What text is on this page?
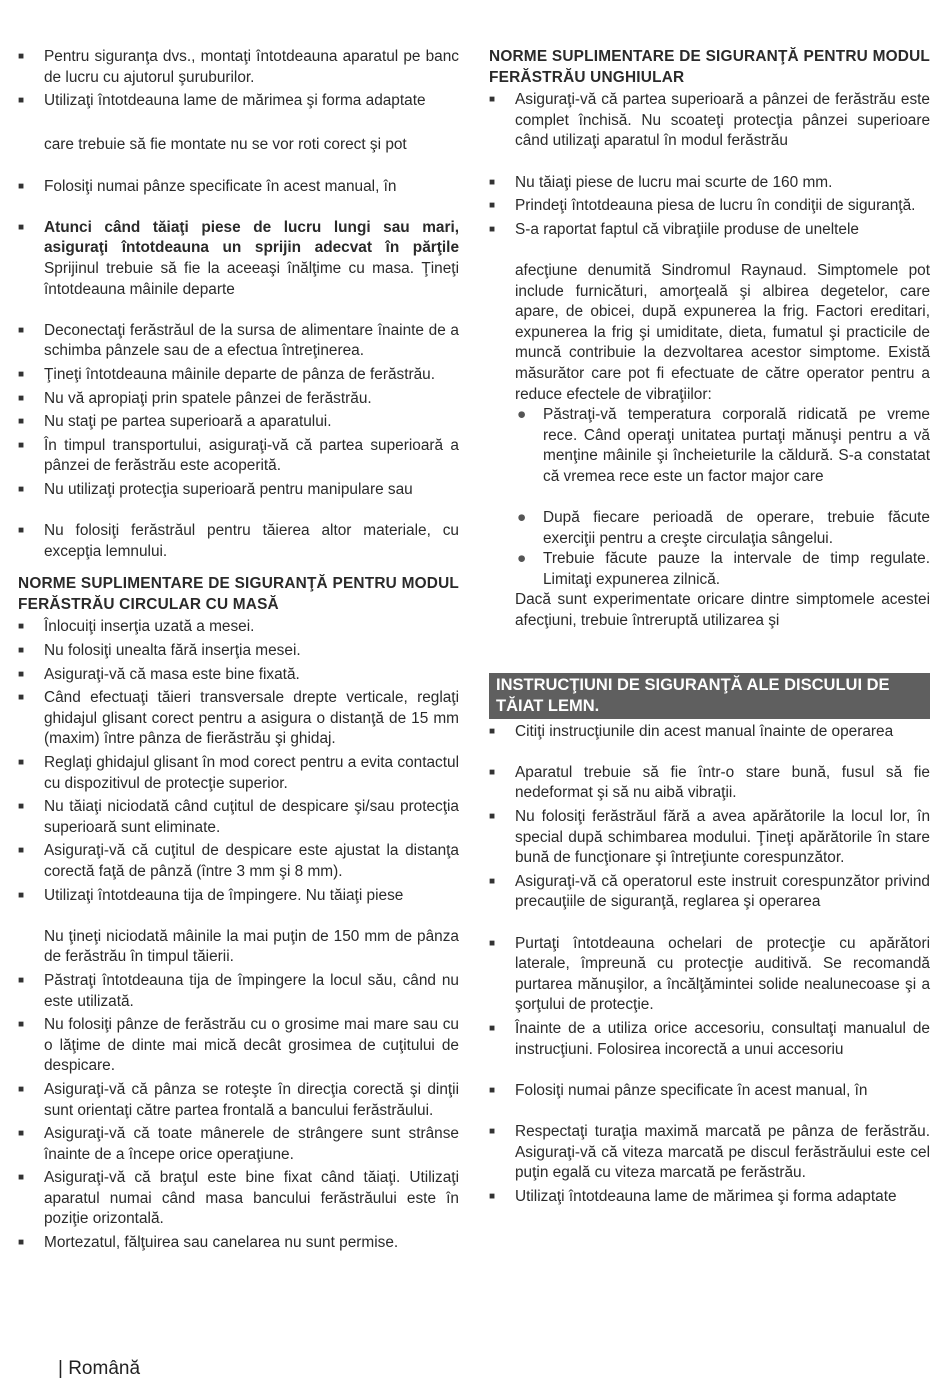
■ Pentru siguranţa dvs., montaţi întotdeauna aparatul pe banc de lucru cu ajutorul şuruburilor.

■ Utilizaţi întotdeauna lame de mărimea şi forma adaptate

care trebuie să fie montate nu se vor roti corect şi pot

■ Folosiţi numai pânze specificate în acest manual, în

■ Atunci când tăiaţi piese de lucru lungi sau mari, asiguraţi întotdeauna un sprijin adecvat în părţile Sprijinul trebuie să fie la aceeaşi înălţime cu masa. Ţineţi întotdeauna mâinile departe

■ Deconectaţi ferăstrăul de la sursa de alimentare înainte de a schimba pânzele sau de a efectua întreţinerea.

■ Ţineţi întotdeauna mâinile departe de pânza de ferăstrău.

■ Nu vă apropiaţi prin spatele pânzei de ferăstrău.

■ Nu staţi pe partea superioară a aparatului.

■ În timpul transportului, asiguraţi-vă că partea superioară a pânzei de ferăstrău este acoperită.

■ Nu utilizaţi protecţia superioară pentru manipulare sau

■ Nu folosiţi ferăstrăul pentru tăierea altor materiale, cu excepţia lemnului.

NORME SUPLIMENTARE DE SIGURANŢĂ PENTRU MODUL FERĂSTRĂU CIRCULAR CU MASĂ

■ Înlocuiţi inserţia uzată a mesei.

■ Nu folosiţi unealta fără inserţia mesei.

■ Asiguraţi-vă că masa este bine fixată.

■ Când efectuaţi tăieri transversale drepte verticale, reglaţi ghidajul glisant corect pentru a asigura o distanţă de 15 mm (maxim) între pânza de fierăstrău şi ghidaj.

■ Reglaţi ghidajul glisant în mod corect pentru a evita contactul cu dispozitivul de protecţie superior.

■ Nu tăiaţi niciodată când cuţitul de despicare şi/sau protecţia superioară sunt eliminate.

■ Asiguraţi-vă că cuţitul de despicare este ajustat la distanţa corectă faţă de pânză (între 3 mm şi 8 mm).

■ Utilizaţi întotdeauna tija de împingere. Nu tăiaţi piese

Nu ţineţi niciodată mâinile la mai puţin de 150 mm de pânza de ferăstrău în timpul tăierii.

■ Păstraţi întotdeauna tija de împingere la locul său, când nu este utilizată.

■ Nu folosiţi pânze de ferăstrău cu o grosime mai mare sau cu o lăţime de dinte mai mică decât grosimea de cuţitului de despicare.

■ Asiguraţi-vă că pânza se roteşte în direcţia corectă şi dinţii sunt orientaţi către partea frontală a bancului ferăstrăului.

■ Asiguraţi-vă că toate mânerele de strângere sunt strânse înainte de a începe orice operaţiune.

■ Asiguraţi-vă că braţul este bine fixat când tăiaţi. Utilizaţi aparatul numai când masa bancului ferăstrăului este în poziţie orizontală.

■ Mortezatul, fălţuirea sau canelarea nu sunt permise.

NORME SUPLIMENTARE DE SIGURANŢĂ PENTRU MODUL FERĂSTRĂU UNGHIULAR

■ Asiguraţi-vă că partea superioară a pânzei de ferăstrău este complet închisă. Nu scoateţi protecţia pânzei superioare când utilizaţi aparatul în modul ferăstrău

■ Nu tăiaţi piese de lucru mai scurte de 160 mm.

■ Prindeţi întotdeauna piesa de lucru în condiţii de siguranţă.

■ S-a raportat faptul că vibraţiile produse de uneltele

afecţiune denumită Sindromul Raynaud. Simptomele pot include furnicături, amorţeală şi albirea degetelor, care apare, de obicei, după expunerea la frig. Factori ereditari, expunerea la frig şi umiditate, dieta, fumatul şi practicile de muncă contribuie la dezvoltarea acestor simptome. Există măsurător care pot fi efectuate de către operator pentru a reduce efectele de vibraţiilor:

● Păstraţi-vă temperatura corporală ridicată pe vreme rece. Când operaţi unitatea purtaţi mănuşi pentru a vă menţine mâinile şi încheieturile la căldură. S-a constatat că vremea rece este un factor major care

● După fiecare perioadă de operare, trebuie făcute exerciţii pentru a creşte circulaţia sângelui.

● Trebuie făcute pauze la intervale de timp regulate. Limitaţi expunerea zilnică.

Dacă sunt experimentate oricare dintre simptomele acestei afecţiuni, trebuie întreruptă utilizarea şi

INSTRUCŢIUNI DE SIGURANŢĂ ALE DISCULUI DE TĂIAT LEMN.

■ Citiţi instrucţiunile din acest manual înainte de operarea

■ Aparatul trebuie să fie într-o stare bună, fusul să fie nedeformat şi să nu aibă vibraţii.

■ Nu folosiţi ferăstrăul fără a avea apărătorile la locul lor, în special după schimbarea modului. Ţineţi apărătorile în stare bună de funcţionare şi întreţiunte corespunzător.

■ Asiguraţi-vă că operatorul este instruit corespunzător privind precauţiile de siguranţă, reglarea şi operarea

■ Purtaţi întotdeauna ochelari de protecţie cu apărători laterale, împreună cu protecţie auditivă. Se recomandă purtarea mănuşilor, a încălţămintei solide nealunecoase şi a şorţului de protecţie.

■ Înainte de a utiliza orice accesoriu, consultaţi manualul de instrucţiuni. Folosirea incorectă a unui accesoriu

■ Folosiţi numai pânze specificate în acest manual, în

■ Respectaţi turaţia maximă marcată pe pânza de ferăstrău. Asiguraţi-vă că viteza marcată pe discul ferăstrăului este cel puţin egală cu viteza marcată pe ferăstrău.

■ Utilizaţi întotdeauna lame de mărimea şi forma adaptate

| Română
